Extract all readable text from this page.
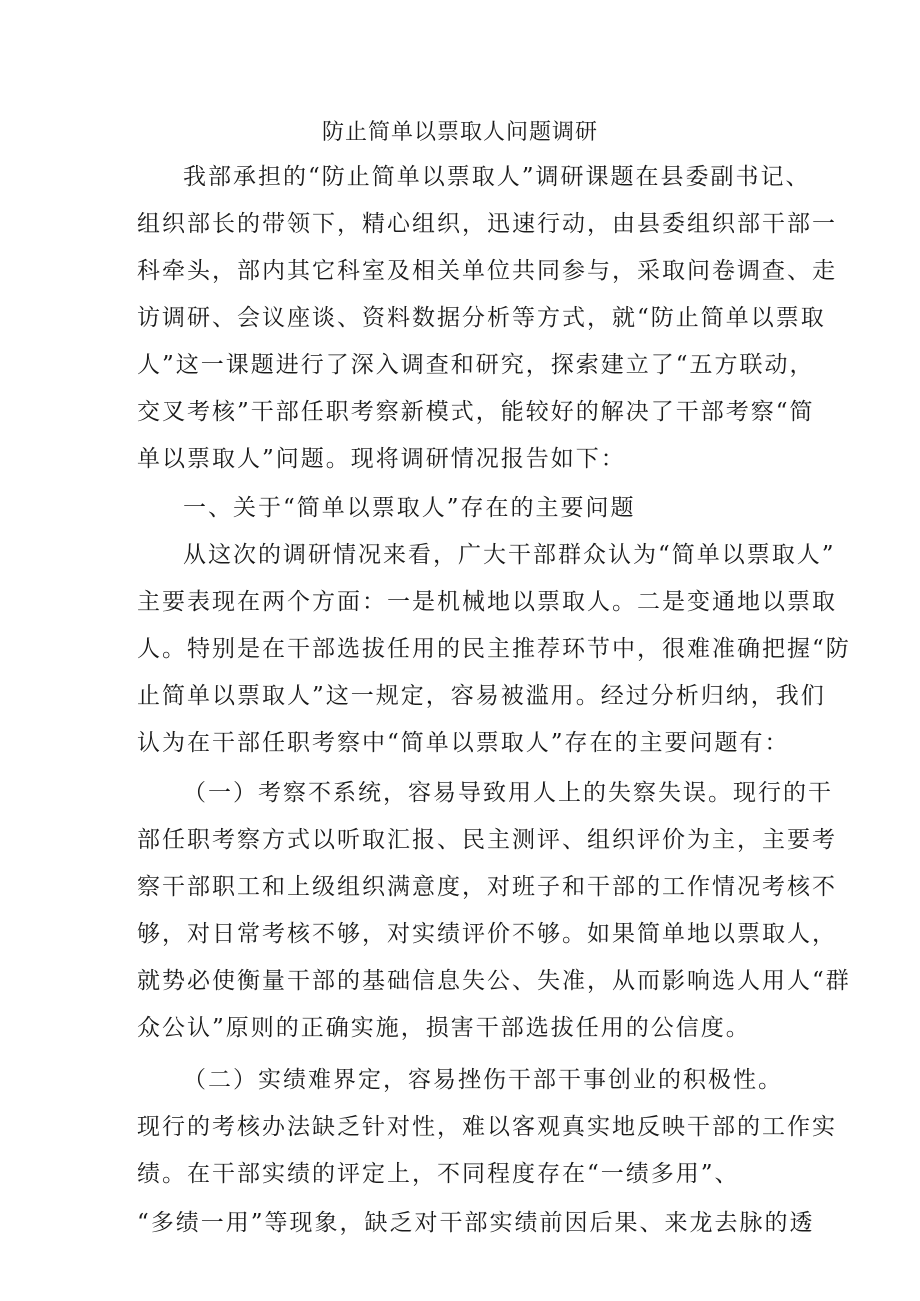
防止简单以票取人问题调研
我部承担的“防止简单以票取人”调研课题在县委副书记、
组织部长的带领下，精心组织，迅速行动，由县委组织部干部一
科牵头，部内其它科室及相关单位共同参与，采取问卷调查、走
访调研、会议座谈、资料数据分析等方式，就“防止简单以票取
人”这一课题进行了深入调查和研究，探索建立了“五方联动，
交叉考核”干部任职考察新模式，能较好的解决了干部考察“简
单以票取人”问题。现将调研情况报告如下：
一、关于“简单以票取人”存在的主要问题
从这次的调研情况来看，广大干部群众认为“简单以票取人”
主要表现在两个方面：一是机械地以票取人。二是变通地以票取
人。特别是在干部选拔任用的民主推荐环节中，很难准确把握“防
止简单以票取人”这一规定，容易被滥用。经过分析归纳，我们
认为在干部任职考察中“简单以票取人”存在的主要问题有：
（一）考察不系统，容易导致用人上的失察失误。现行的干
部任职考察方式以听取汇报、民主测评、组织评价为主，主要考
察干部职工和上级组织满意度，对班子和干部的工作情况考核不
够，对日常考核不够，对实绩评价不够。如果简单地以票取人，
就势必使衡量干部的基础信息失公、失准，从而影响选人用人“群
众公认”原则的正确实施，损害干部选拔任用的公信度。
（二）实绩难界定，容易挫伤干部干事创业的积极性。
现行的考核办法缺乏针对性，难以客观真实地反映干部的工作实
绩。在干部实绩的评定上，不同程度存在“一绩多用”、
“多绩一用”等现象，缺乏对干部实绩前因后果、来龙去脉的透
